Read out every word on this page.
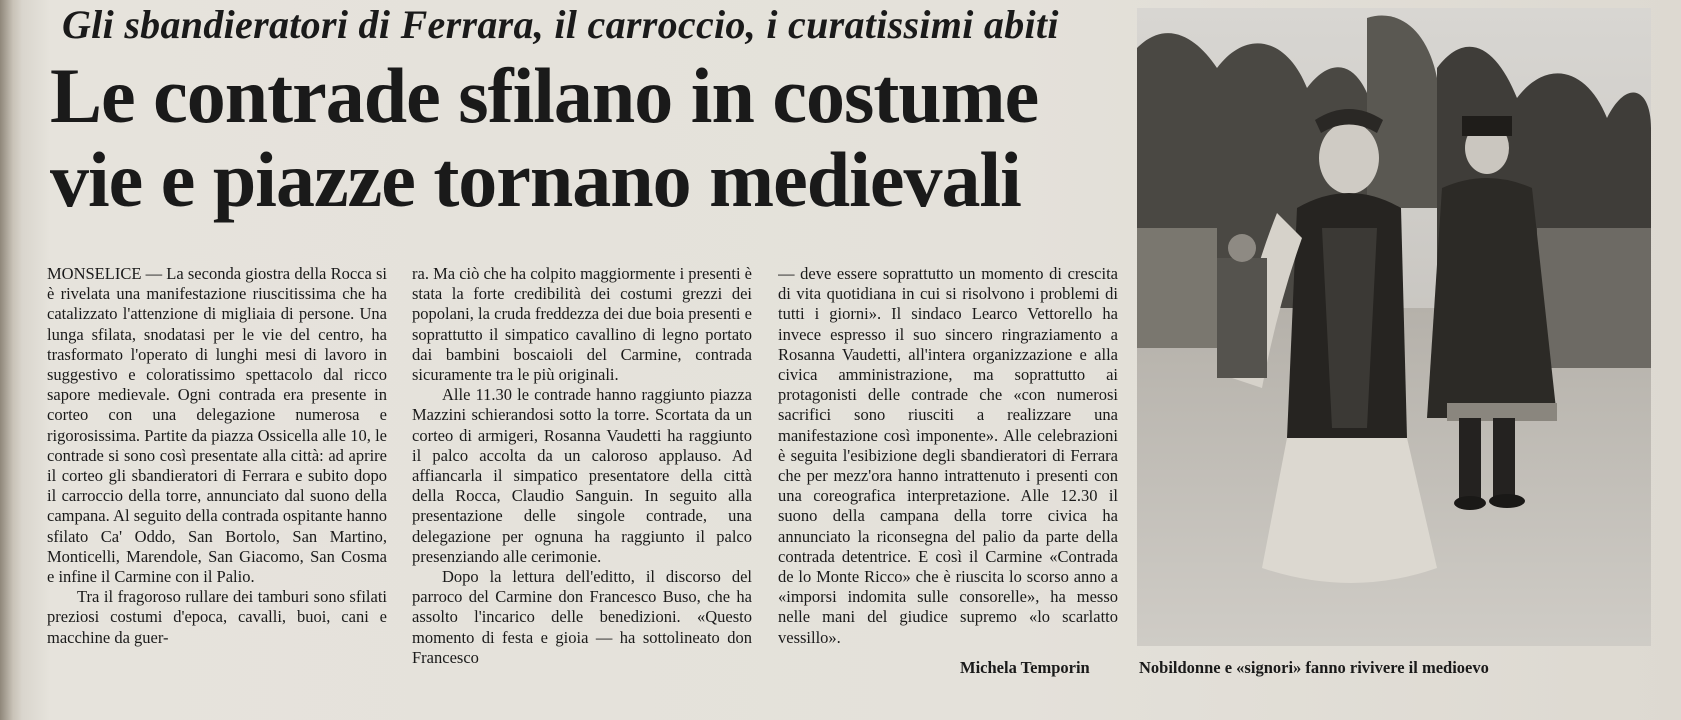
Gli sbandieratori di Ferrara, il carroccio, i curatissimi abiti
Le contrade sfilano in costume
vie e piazze tornano medievali

MONSELICE — La seconda giostra della Rocca si è rivelata una manifestazione riuscitissima che ha catalizzato l'attenzione di migliaia di persone. Una lunga sfilata, snodatasi per le vie del centro, ha trasformato l'operato di lunghi mesi di lavoro in suggestivo e coloratissimo spettacolo dal ricco sapore medievale. Ogni contrada era presente in corteo con una delegazione numerosa e rigorosissima. Partite da piazza Ossicella alle 10, le contrade si sono così presentate alla città: ad aprire il corteo gli sbandieratori di Ferrara e subito dopo il carroccio della torre, annunciato dal suono della campana. Al seguito della contrada ospitante hanno sfilato Ca' Oddo, San Bortolo, San Martino, Monticelli, Marendole, San Giacomo, San Cosma e infine il Carmine con il Palio.

Tra il fragoroso rullare dei tamburi sono sfilati preziosi costumi d'epoca, cavalli, buoi, cani e macchine da guer-

ra. Ma ciò che ha colpito maggiormente i presenti è stata la forte credibilità dei costumi grezzi dei popolani, la cruda freddezza dei due boia presenti e soprattutto il simpatico cavallino di legno portato dai bambini boscaioli del Carmine, contrada sicuramente tra le più originali.

Alle 11.30 le contrade hanno raggiunto piazza Mazzini schierandosi sotto la torre. Scortata da un corteo di armigeri, Rosanna Vaudetti ha raggiunto il palco accolta da un caloroso applauso. Ad affiancarla il simpatico presentatore della città della Rocca, Claudio Sanguin. In seguito alla presentazione delle singole contrade, una delegazione per ognuna ha raggiunto il palco presenziando alle cerimonie.

Dopo la lettura dell'editto, il discorso del parroco del Carmine don Francesco Buso, che ha assolto l'incarico delle benedizioni. «Questo momento di festa e gioia — ha sottolineato don Francesco

— deve essere soprattutto un momento di crescita di vita quotidiana in cui si risolvono i problemi di tutti i giorni». Il sindaco Learco Vettorello ha invece espresso il suo sincero ringraziamento a Rosanna Vaudetti, all'intera organizzazione e alla civica amministrazione, ma soprattutto ai protagonisti delle contrade che «con numerosi sacrifici sono riusciti a realizzare una manifestazione così imponente». Alle celebrazioni è seguita l'esibizione degli sbandieratori di Ferrara che per mezz'ora hanno intrattenuto i presenti con una coreografica interpretazione. Alle 12.30 il suono della campana della torre civica ha annunciato la riconsegna del palio da parte della contrada detentrice. E così il Carmine «Contrada de lo Monte Ricco» che è riuscita lo scorso anno a «imporsi indomita sulle consorelle», ha messo nelle mani del giudice supremo «lo scarlatto vessillo».

Michela Temporin	Nobildonne e «signori» fanno rivivere il medioevo
